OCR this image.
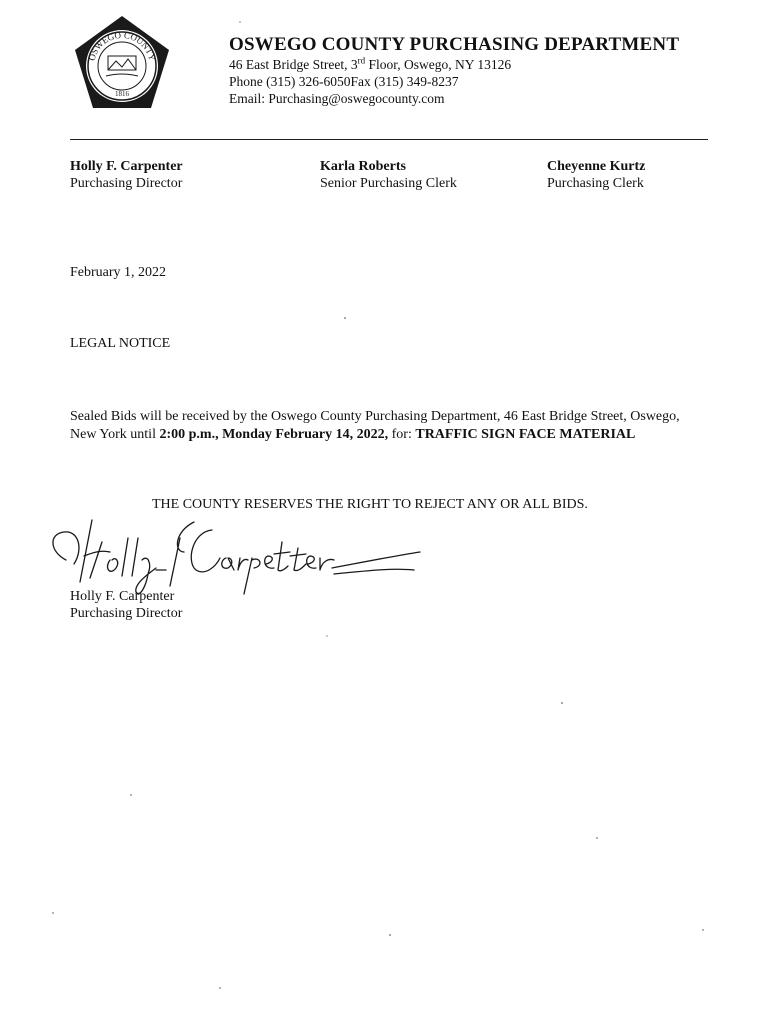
OSWEGO COUNTY
1816
OSWEGO COUNTY PURCHASING DEPARTMENT
46 East Bridge Street, 3rd Floor, Oswego, NY 13126
Phone (315) 326-6050Fax (315) 349-8237
Email: Purchasing@oswegocounty.com
Holly F. Carpenter
Purchasing Director
Karla Roberts
Senior Purchasing Clerk
Cheyenne Kurtz
Purchasing Clerk
February 1, 2022
LEGAL NOTICE
Sealed Bids will be received by the Oswego County Purchasing Department, 46 East Bridge Street, Oswego, New York until 2:00 p.m., Monday February 14, 2022, for: TRAFFIC SIGN FACE MATERIAL
THE COUNTY RESERVES THE RIGHT TO REJECT ANY OR ALL BIDS.
Holly F. Carpenter
Purchasing Director
